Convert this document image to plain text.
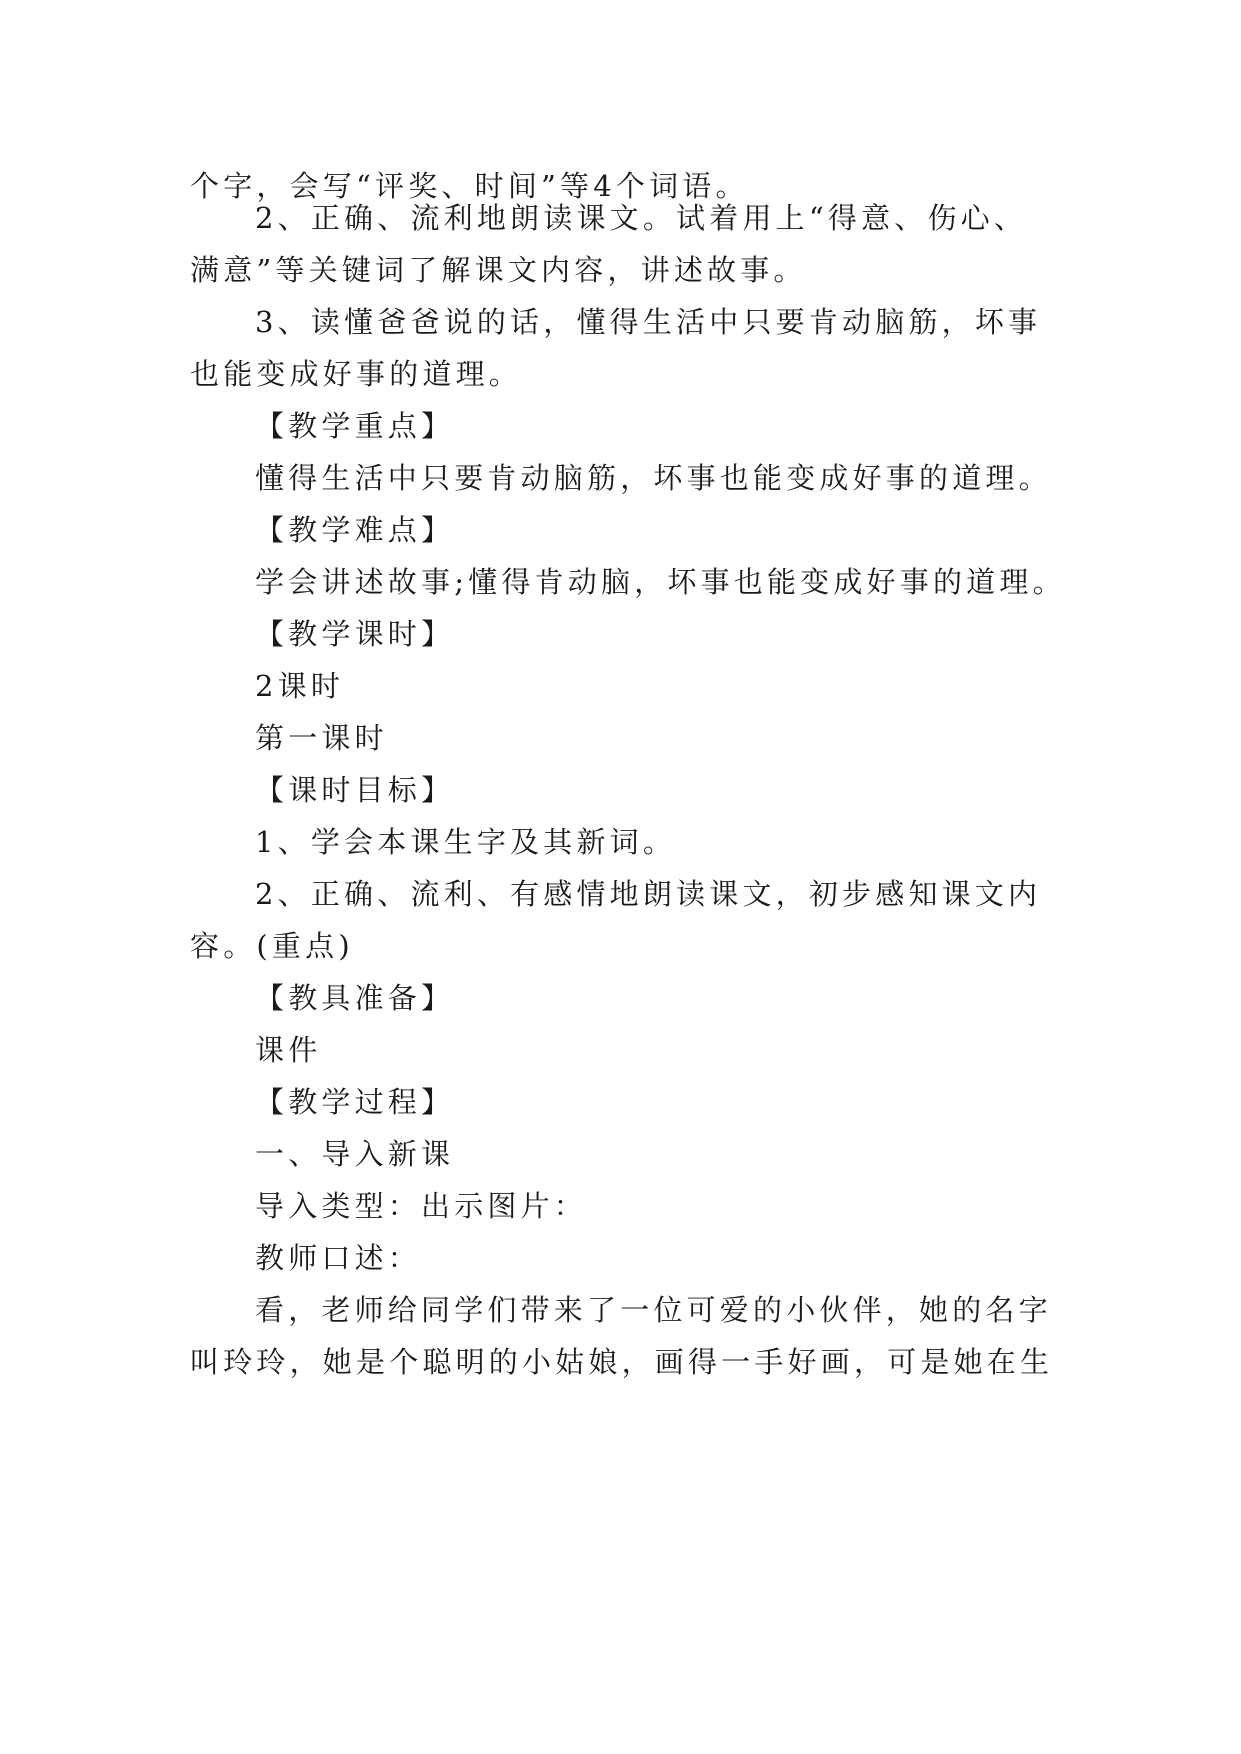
个字，会写“评奖、时间”等4个词语。
2、正确、流利地朗读课文。试着用上“得意、伤心、
满意”等关键词了解课文内容，讲述故事。
3、读懂爸爸说的话，懂得生活中只要肯动脑筋，坏事
也能变成好事的道理。
【教学重点】
懂得生活中只要肯动脑筋，坏事也能变成好事的道理。
【教学难点】
学会讲述故事;懂得肯动脑，坏事也能变成好事的道理。
【教学课时】
2课时
第一课时
【课时目标】
1、学会本课生字及其新词。
2、正确、流利、有感情地朗读课文，初步感知课文内
容。(重点)
【教具准备】
课件
【教学过程】
一、导入新课
导入类型：出示图片：
教师口述：
看，老师给同学们带来了一位可爱的小伙伴，她的名字
叫玲玲，她是个聪明的小姑娘，画得一手好画，可是她在生
